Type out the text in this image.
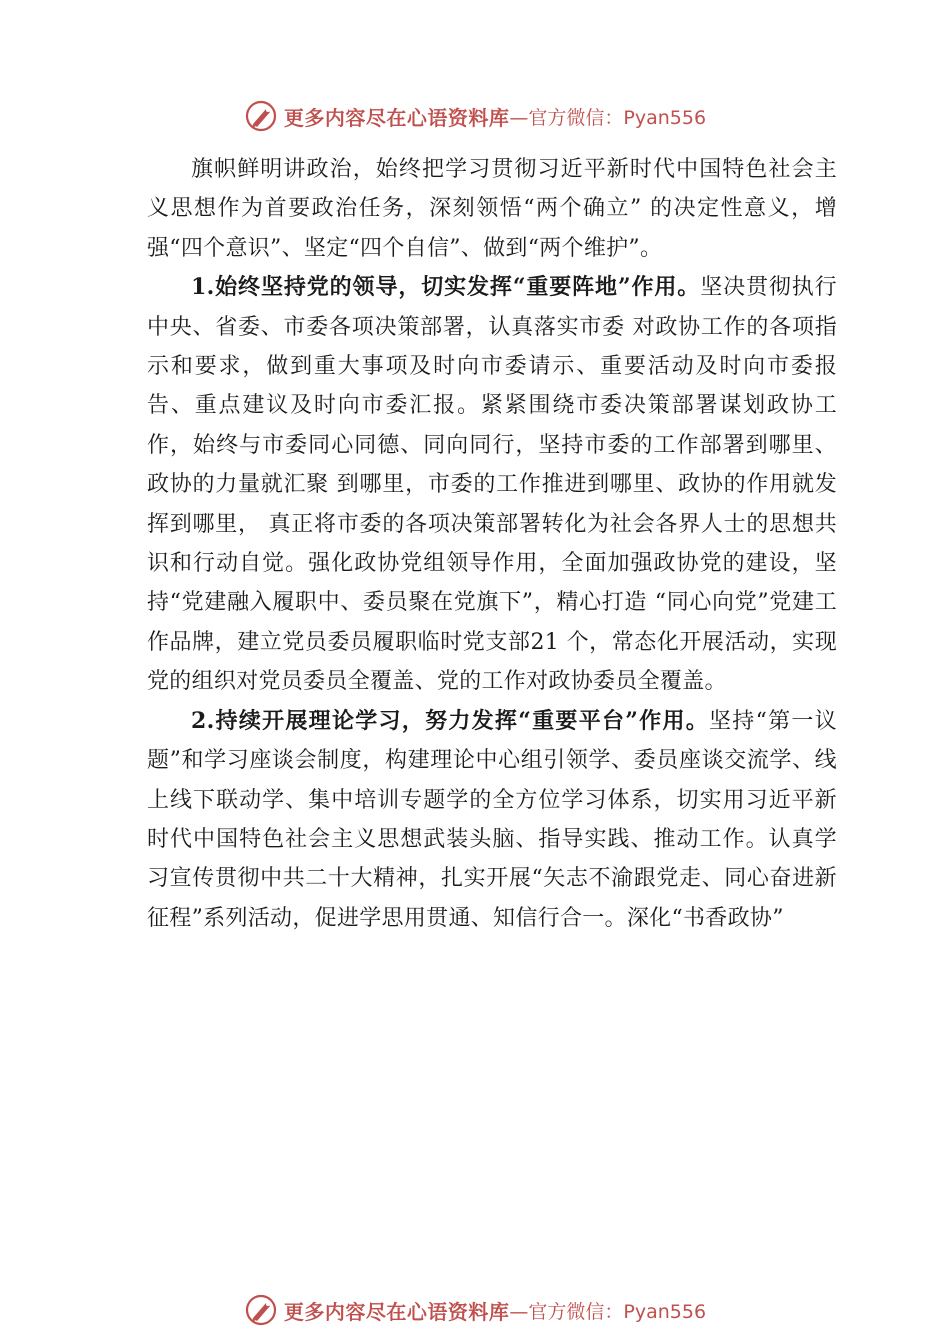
更多内容尽在心语资料库 —官方微信：Pyan556

旗帜鲜明讲政治，始终把学习贯彻习近平新时代中国特色社会主义思想作为首要政治任务，深刻领悟“两个确立” 的决定性意义，增强“四个意识”、坚定“四个自信”、做到“两个维护”。

1.始终坚持党的领导，切实发挥“重要阵地”作用。坚决贯彻执行中央、省委、市委各项决策部署，认真落实市委 对政协工作的各项指示和要求，做到重大事项及时向市委请示、重要活动及时向市委报告、重点建议及时向市委汇报。紧紧围绕市委决策部署谋划政协工作，始终与市委同心同德、同向同行，坚持市委的工作部署到哪里、政协的力量就汇聚 到哪里，市委的工作推进到哪里、政协的作用就发挥到哪里， 真正将市委的各项决策部署转化为社会各界人士的思想共识和行动自觉。强化政协党组领导作用，全面加强政协党的建设，坚持“党建融入履职中、委员聚在党旗下”，精心打造 “同心向党”党建工作品牌，建立党员委员履职临时党支部21 个，常态化开展活动，实现党的组织对党员委员全覆盖、党的工作对政协委员全覆盖。

2.持续开展理论学习，努力发挥“重要平台”作用。坚持“第一议题”和学习座谈会制度，构建理论中心组引领学、委员座谈交流学、线上线下联动学、集中培训专题学的全方位学习体系，切实用习近平新时代中国特色社会主义思想武装头脑、指导实践、推动工作。认真学习宣传贯彻中共二十大精神，扎实开展“矢志不渝跟党走、同心奋进新征程”系列活动，促进学思用贯通、知信行合一。深化“书香政协”

更多内容尽在心语资料库 —官方微信：Pyan556
